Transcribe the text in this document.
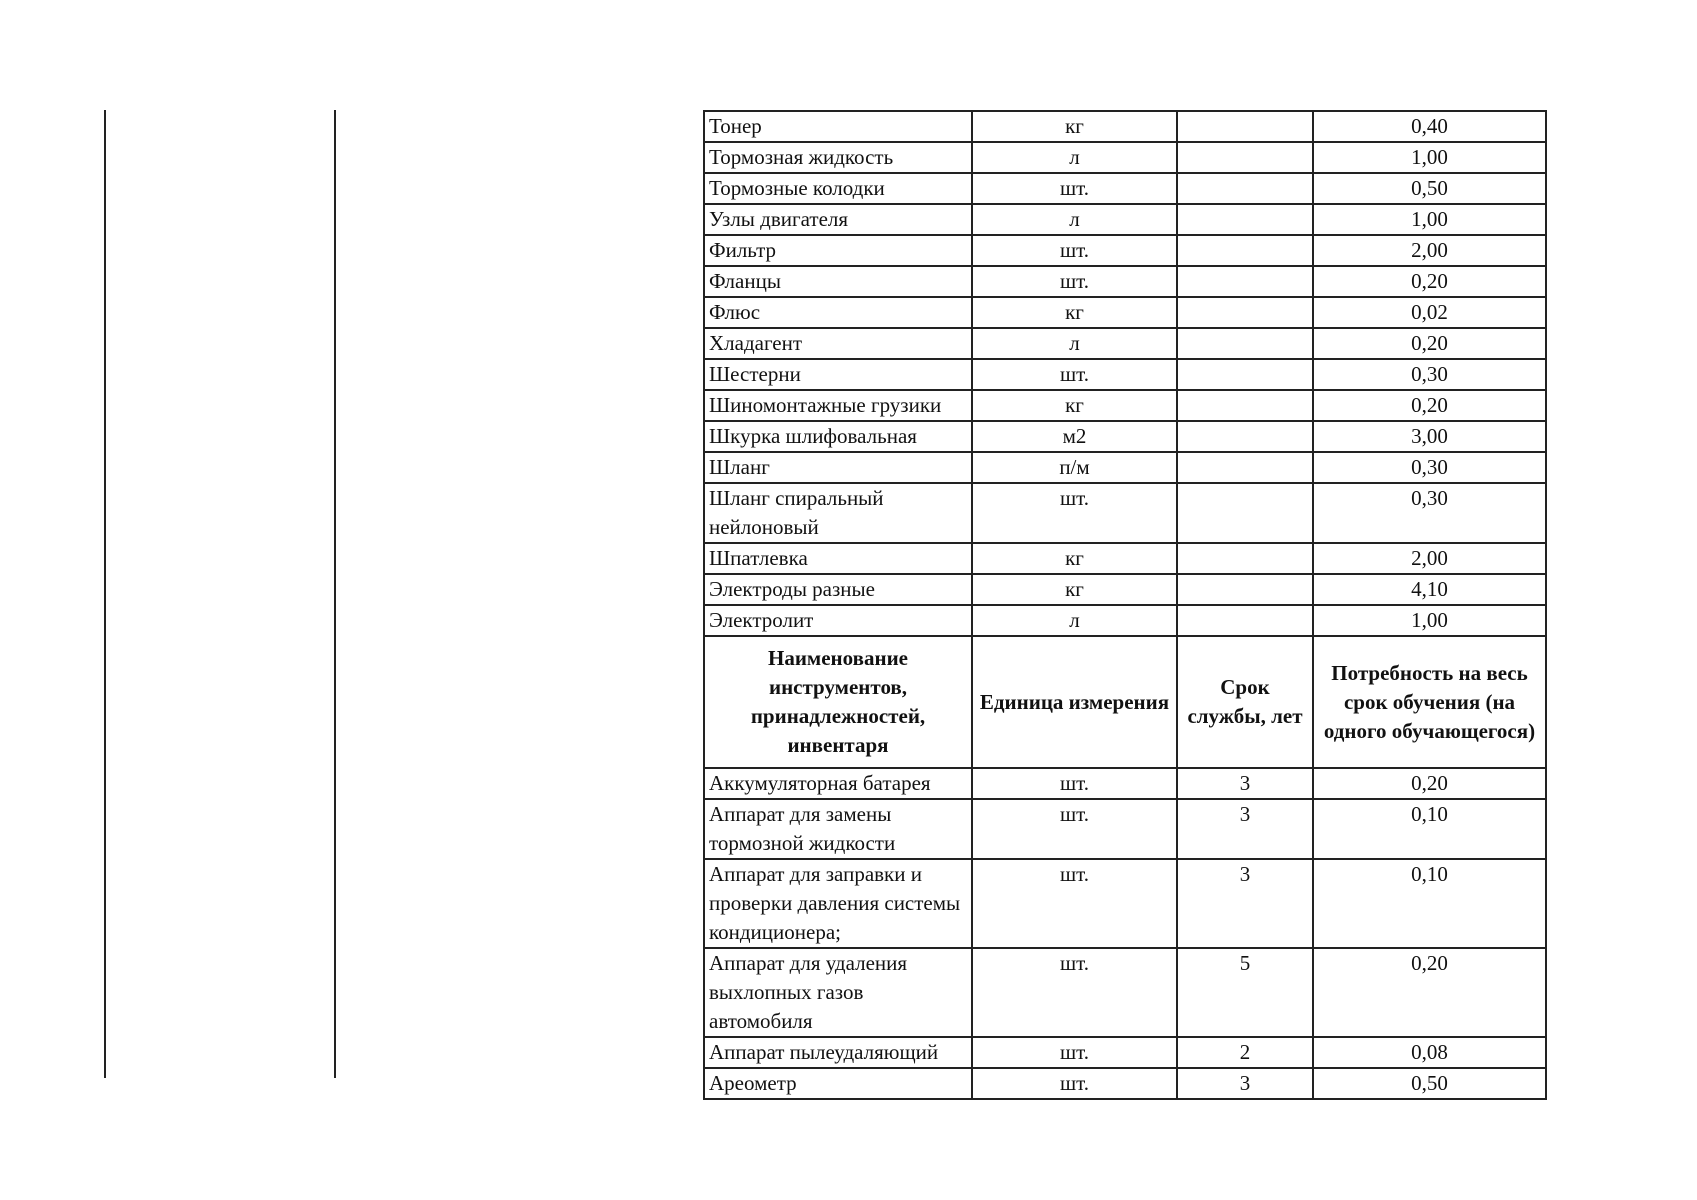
Тонер	кг		0,40
Тормозная жидкость	л		1,00
Тормозные колодки	шт.		0,50
Узлы двигателя	л		1,00
Фильтр	шт.		2,00
Фланцы	шт.		0,20
Флюс	кг		0,02
Хладагент	л		0,20
Шестерни	шт.		0,30
Шиномонтажные грузики	кг		0,20
Шкурка шлифовальная	м2		3,00
Шланг	п/м		0,30
Шланг спиральный нейлоновый	шт.		0,30
Шпатлевка	кг		2,00
Электроды разные	кг		4,10
Электролит	л		1,00
Наименование инструментов, принадлежностей, инвентаря	Единица измерения	Срок службы, лет	Потребность на весь срок обучения (на одного обучающегося)
Аккумуляторная батарея	шт.	3	0,20
Аппарат для замены тормозной жидкости	шт.	3	0,10
Аппарат для заправки и проверки давления системы кондиционера;	шт.	3	0,10
Аппарат для удаления выхлопных газов автомобиля	шт.	5	0,20
Аппарат пылеудаляющий	шт.	2	0,08
Ареометр	шт.	3	0,50
